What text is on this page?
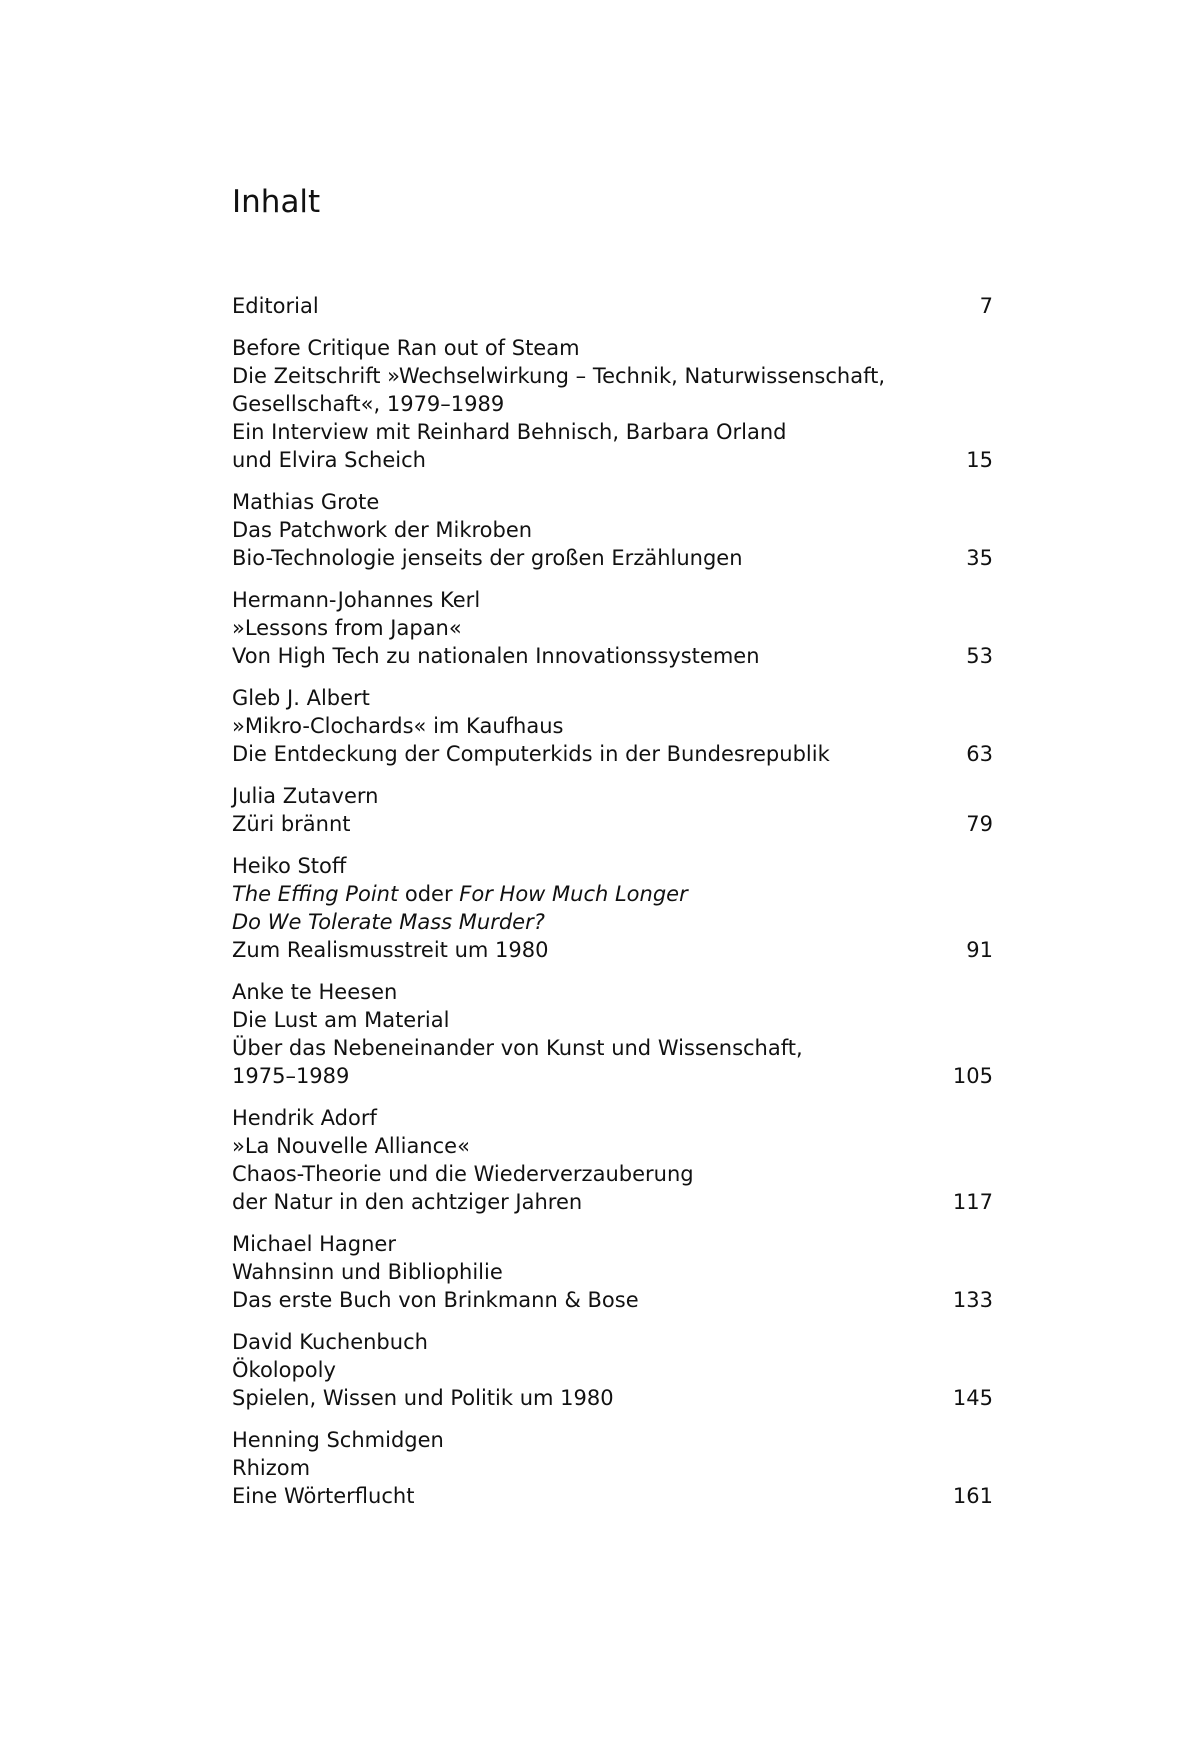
Inhalt
Editorial	7
Before Critique Ran out of Steam
Die Zeitschrift »Wechselwirkung – Technik, Naturwissenschaft,
Gesellschaft«, 1979–1989
Ein Interview mit Reinhard Behnisch, Barbara Orland
und Elvira Scheich	15
Mathias Grote
Das Patchwork der Mikroben
Bio-Technologie jenseits der großen Erzählungen	35
Hermann-Johannes Kerl
»Lessons from Japan«
Von High Tech zu nationalen Innovationssystemen	53
Gleb J. Albert
»Mikro-Clochards« im Kaufhaus
Die Entdeckung der Computerkids in der Bundesrepublik	63
Julia Zutavern
Züri brännt	79
Heiko Stoff
The Effing Point oder For How Much Longer
Do We Tolerate Mass Murder?
Zum Realismusstreit um 1980	91
Anke te Heesen
Die Lust am Material
Über das Nebeneinander von Kunst und Wissenschaft,
1975–1989	105
Hendrik Adorf
»La Nouvelle Alliance«
Chaos-Theorie und die Wiederverzauberung
der Natur in den achtziger Jahren	117
Michael Hagner
Wahnsinn und Bibliophilie
Das erste Buch von Brinkmann & Bose	133
David Kuchenbuch
Ökolopoly
Spielen, Wissen und Politik um 1980	145
Henning Schmidgen
Rhizom
Eine Wörterflucht	161
